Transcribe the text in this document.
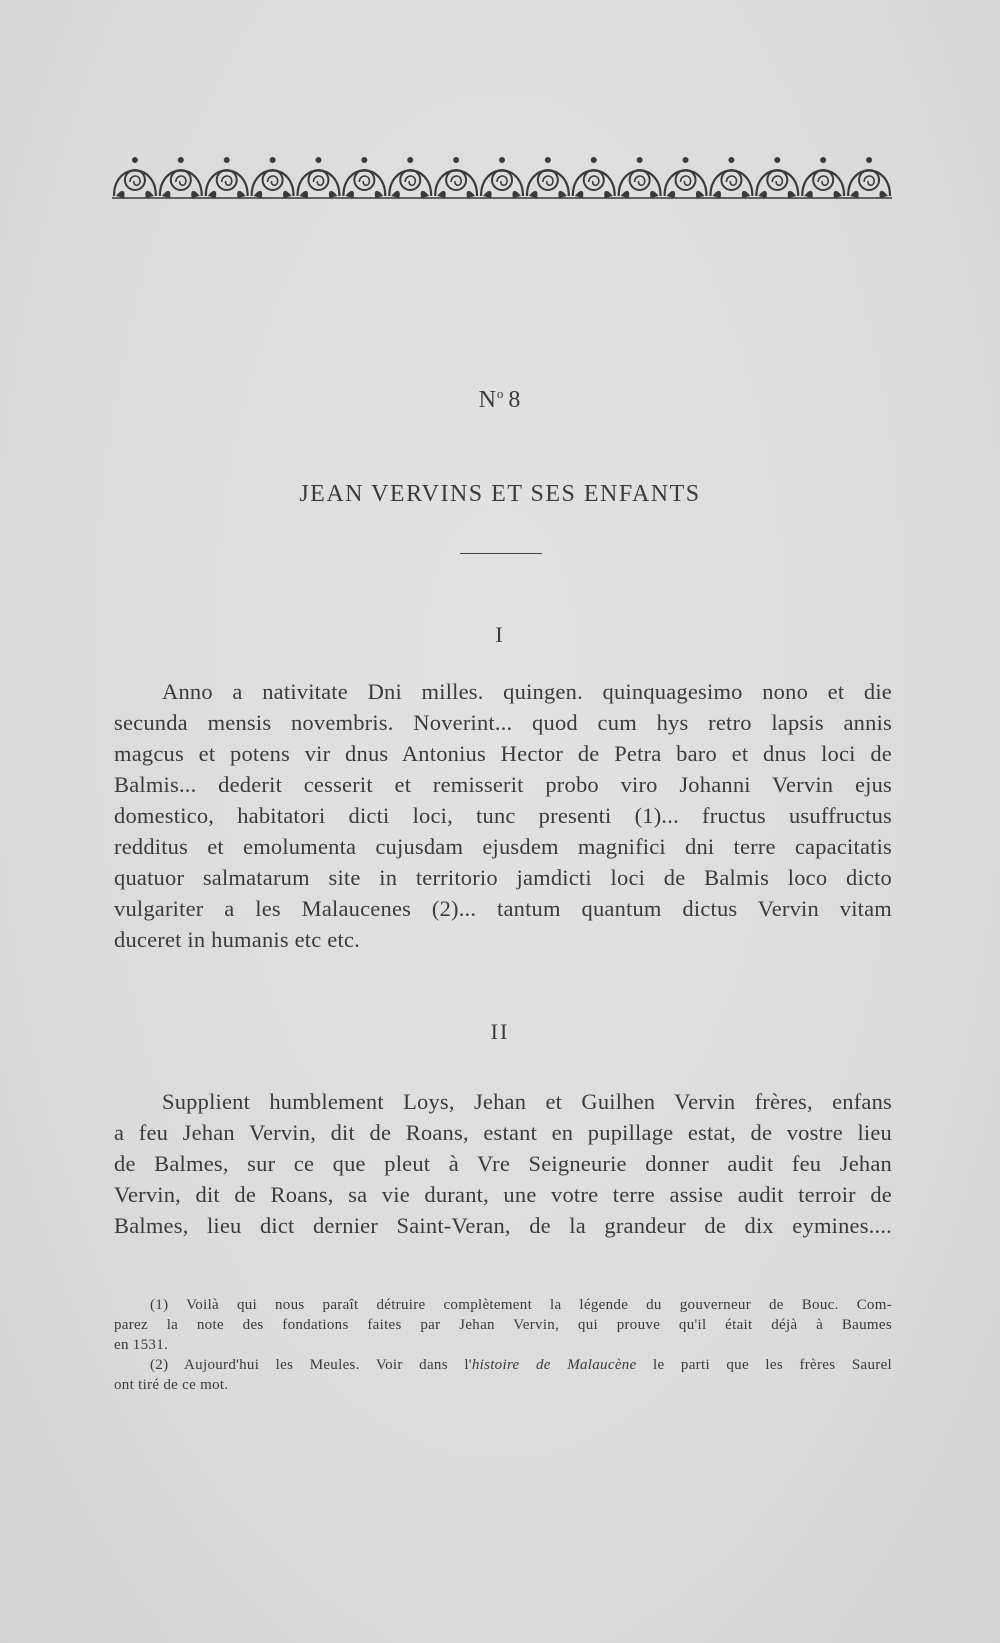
$N^o$ 8
JEAN VERVINS ET SES ENFANTS
I
Anno a nativitate Dni milles. quingen. quinquagesimo nono et die
secunda mensis novembris. Noverint... quod cum hys retro lapsis annis
magcus et potens vir dnus Antonius Hector de Petra baro et dnus loci de
Balmis... dederit cesserit et remisserit probo viro Johanni Vervin ejus
domestico, habitatori dicti loci, tunc presenti (1)... fructus usuffructus
redditus et emolumenta cujusdam ejusdem magnifici dni terre capacitatis
quatuor salmatarum site in territorio jamdicti loci de Balmis loco dicto
vulgariter a les Malaucenes (2)... tantum quantum dictus Vervin vitam
duceret in humanis etc etc.
II
Supplient humblement Loys, Jehan et Guilhen Vervin frères, enfans
a feu Jehan Vervin, dit de Roans, estant en pupillage estat, de vostre lieu
de Balmes, sur ce que pleut à Vre Seigneurie donner audit feu Jehan
Vervin, dit de Roans, sa vie durant, une votre terre assise audit terroir de
Balmes, lieu dict dernier Saint-Veran, de la grandeur de dix eymines....
(1) Voilà qui nous paraît détruire complètement la légende du gouverneur de Bouc. Com-
parez la note des fondations faites par Jehan Vervin, qui prouve qu'il était déjà à Baumes
en 1531.
(2) Aujourd'hui les Meules. Voir dans l'histoire de Malaucène le parti que les frères Saurel
ont tiré de ce mot.
